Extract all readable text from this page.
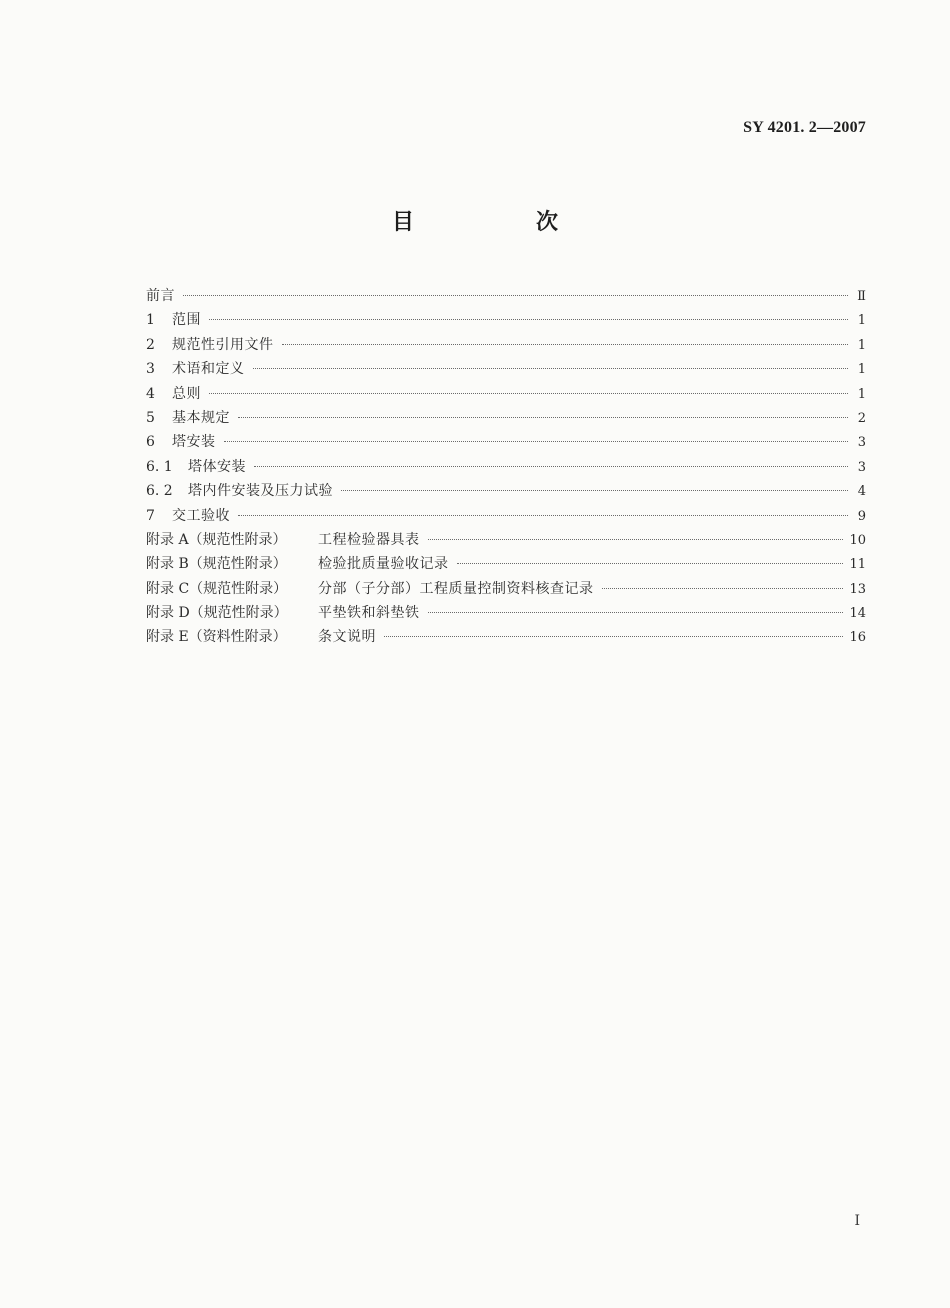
SY 4201. 2—2007
目　次
前言	Ⅱ
1	范围	1
2	规范性引用文件	1
3	术语和定义	1
4	总则	1
5	基本规定	2
6	塔安装	3
6. 1	塔体安装	3
6. 2	塔内件安装及压力试验	4
7	交工验收	9
附录 A（规范性附录）	工程检验器具表	10
附录 B（规范性附录）	检验批质量验收记录	11
附录 C（规范性附录）	分部（子分部）工程质量控制资料核查记录	13
附录 D（规范性附录）	平垫铁和斜垫铁	14
附录 E（资料性附录）	条文说明	16
Ⅰ
